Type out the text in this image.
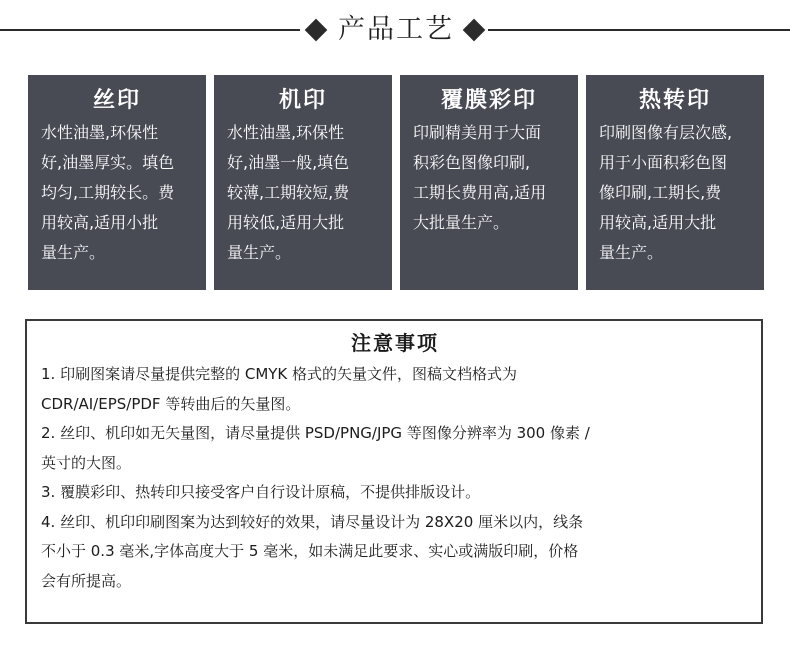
产品工艺
丝印
水性油墨,环保性
好,油墨厚实。填色
均匀,工期较长。费
用较高,适用小批
量生产。
机印
水性油墨,环保性
好,油墨一般,填色
较薄,工期较短,费
用较低,适用大批
量生产。
覆膜彩印
印刷精美用于大面
积彩色图像印刷,
工期长费用高,适用
大批量生产。
热转印
印刷图像有层次感,
用于小面积彩色图
像印刷,工期长,费
用较高,适用大批
量生产。
注意事项
1. 印刷图案请尽量提供完整的 CMYK 格式的矢量文件，图稿文档格式为
CDR/AI/EPS/PDF 等转曲后的矢量图。
2. 丝印、机印如无矢量图，请尽量提供 PSD/PNG/JPG 等图像分辨率为 300 像素 /
英寸的大图。
3. 覆膜彩印、热转印只接受客户自行设计原稿，不提供排版设计。
4. 丝印、机印印刷图案为达到较好的效果，请尽量设计为 28X20 厘米以内，线条
不小于 0.3 毫米,字体高度大于 5 毫米，如未满足此要求、实心或满版印刷，价格
会有所提高。
